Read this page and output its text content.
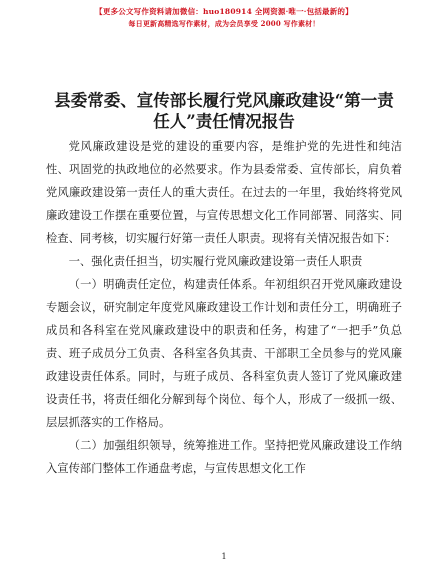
【更多公文写作资料请加微信：huo180914 全网资源·唯一·包括最新的】
每日更新高精选写作素材，成为会员享受 2000 写作素材！
县委常委、宣传部长履行党风廉政建设“第一责任人”责任情况报告

党风廉政建设是党的建设的重要内容，是维护党的先进性和纯洁性、巩固党的执政地位的必然要求。作为县委常委、宣传部长，肩负着党风廉政建设第一责任人的重大责任。在过去的一年里，我始终将党风廉政建设工作摆在重要位置，与宣传思想文化工作同部署、同落实、同检查、同考核，切实履行好第一责任人职责。现将有关情况报告如下：

一、强化责任担当，切实履行党风廉政建设第一责任人职责

（一）明确责任定位，构建责任体系。年初组织召开党风廉政建设专题会议，研究制定年度党风廉政建设工作计划和责任分工，明确班子成员和各科室在党风廉政建设中的职责和任务，构建了“一把手”负总责、班子成员分工负责、各科室各负其责、干部职工全员参与的党风廉政建设责任体系。同时，与班子成员、各科室负责人签订了党风廉政建设责任书，将责任细化分解到每个岗位、每个人，形成了一级抓一级、层层抓落实的工作格局。

（二）加强组织领导，统筹推进工作。坚持把党风廉政建设工作纳入宣传部门整体工作通盘考虑，与宣传思想文化工作

1
